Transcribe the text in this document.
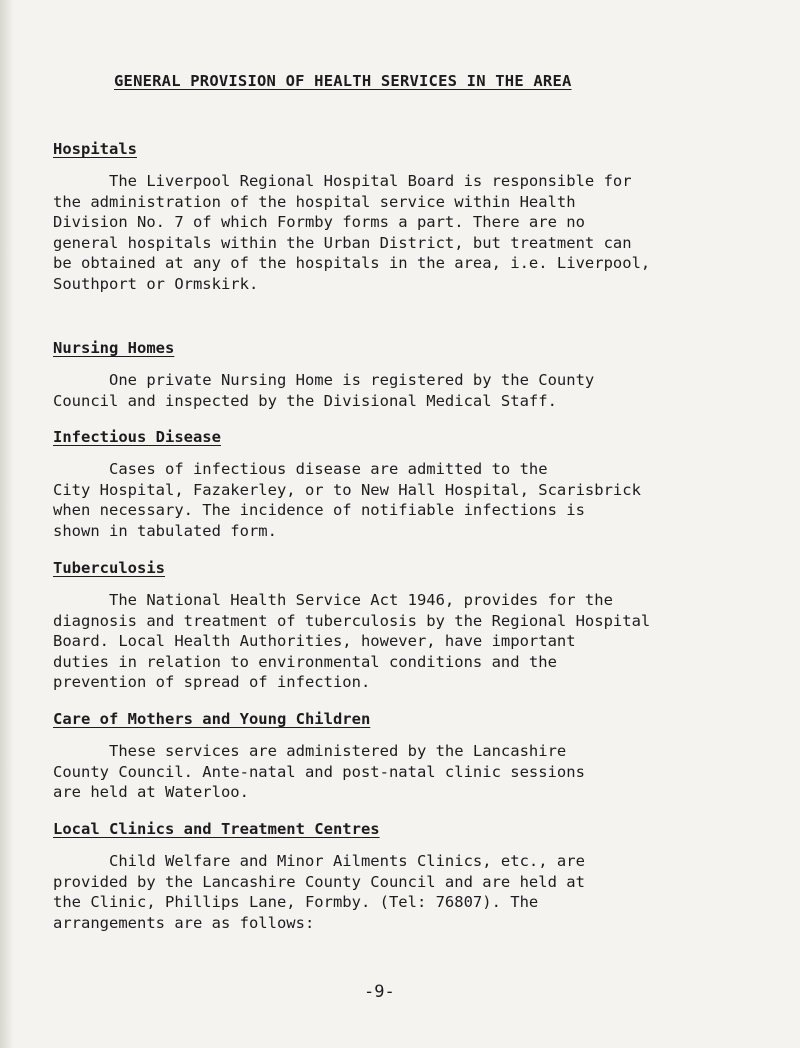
GENERAL PROVISION OF HEALTH SERVICES IN THE AREA
Hospitals
The Liverpool Regional Hospital Board is responsible for
the administration of the hospital service within Health
Division No. 7 of which Formby forms a part. There are no
general hospitals within the Urban District, but treatment can
be obtained at any of the hospitals in the area, i.e. Liverpool,
Southport or Ormskirk.
Nursing Homes
One private Nursing Home is registered by the County
Council and inspected by the Divisional Medical Staff.
Infectious Disease
Cases of infectious disease are admitted to the
City Hospital, Fazakerley, or to New Hall Hospital, Scarisbrick
when necessary. The incidence of notifiable infections is
shown in tabulated form.
Tuberculosis
The National Health Service Act 1946, provides for the
diagnosis and treatment of tuberculosis by the Regional Hospital
Board. Local Health Authorities, however, have important
duties in relation to environmental conditions and the
prevention of spread of infection.
Care of Mothers and Young Children
These services are administered by the Lancashire
County Council. Ante-natal and post-natal clinic sessions
are held at Waterloo.
Local Clinics and Treatment Centres
Child Welfare and Minor Ailments Clinics, etc., are
provided by the Lancashire County Council and are held at
the Clinic, Phillips Lane, Formby. (Tel: 76807). The
arrangements are as follows:
-9-
